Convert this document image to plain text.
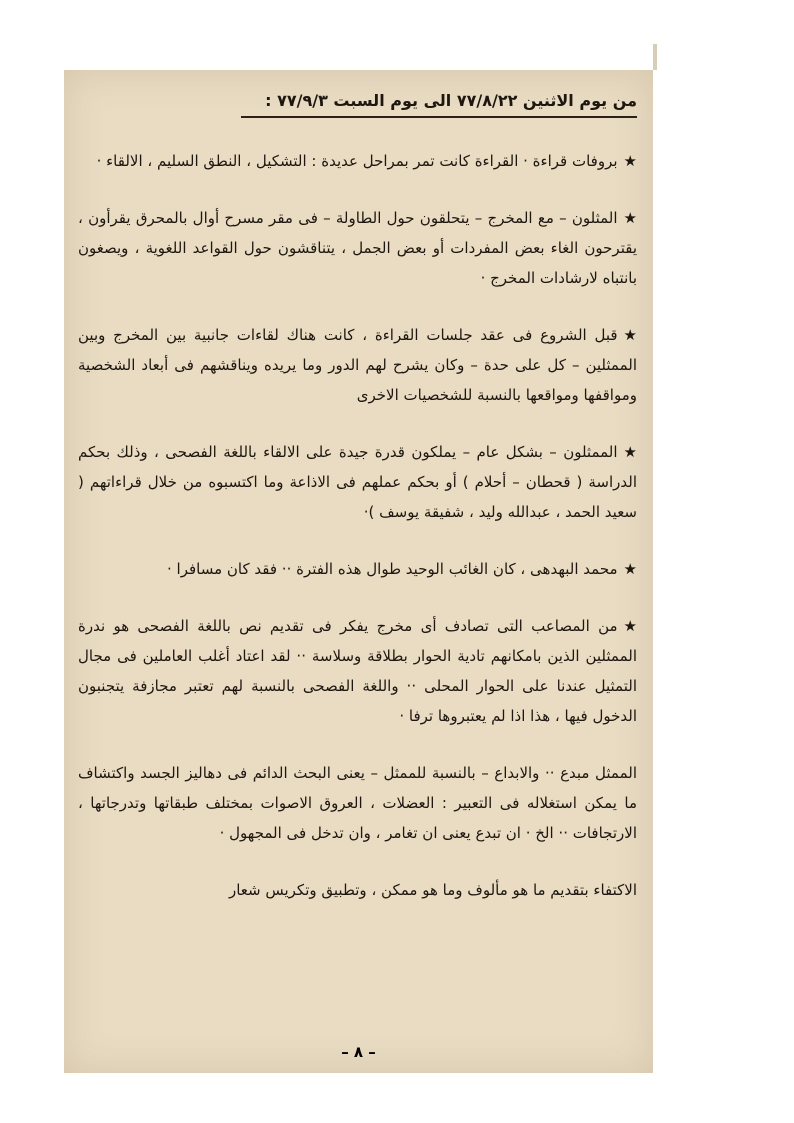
من يوم الاثنين ٧٧/٨/٢٢ الى يوم السبت ٧٧/٩/٣ :

★بروفات قراءة · القراءة كانت تمر بمراحل عديدة : التشكيل ، النطق السليم ، الالقاء ·

★المثلون – مع المخرج – يتحلقون حول الطاولة – فى مقر مسرح أوال بالمحرق يقرأون ، يقترحون الغاء بعض المفردات أو بعض الجمل ، يتناقشون حول القواعد اللغوية ، ويصغون بانتباه لارشادات المخرج ·

★قبل الشروع فى عقد جلسات القراءة ، كانت هناك لقاءات جانبية بين المخرج وبين الممثلين – كل على حدة – وكان يشرح لهم الدور وما يريده ويناقشهم فى أبعاد الشخصية ومواقفها ومواقعها بالنسبة للشخصيات الاخرى

★الممثلون – بشكل عام – يملكون قدرة جيدة على الالقاء باللغة الفصحى ، وذلك بحكم الدراسة ( قحطان – أحلام ) أو بحكم عملهم فى الاذاعة وما اكتسبوه من خلال قراءاتهم ( سعيد الحمد ، عبدالله وليد ، شفيقة يوسف )·

★محمد البهدهى ، كان الغائب الوحيد طوال هذه الفترة ·· فقد كان مسافرا ·

★من المصاعب التى تصادف أى مخرج يفكر فى تقديم نص باللغة الفصحى هو ندرة الممثلين الذين بامكانهم تادية الحوار بطلاقة وسلاسة ·· لقد اعتاد أغلب العاملين فى مجال التمثيل عندنا على الحوار المحلى ·· واللغة الفصحى بالنسبة لهم تعتبر مجازفة يتجنبون الدخول فيها ، هذا اذا لم يعتبروها ترفا ·

الممثل مبدع ·· والابداع – بالنسبة للممثل – يعنى البحث الدائم فى دهاليز الجسد واكتشاف ما يمكن استغلاله فى التعبير : العضلات ، العروق الاصوات بمختلف طبقاتها وتدرجاتها ، الارتجافات ·· الخ · ان تبدع يعنى ان تغامر ، وان تدخل فى المجهول ·

الاكتفاء بتقديم ما هو مألوف وما هو ممكن ، وتطبيق وتكريس شعار

– ٨ –
